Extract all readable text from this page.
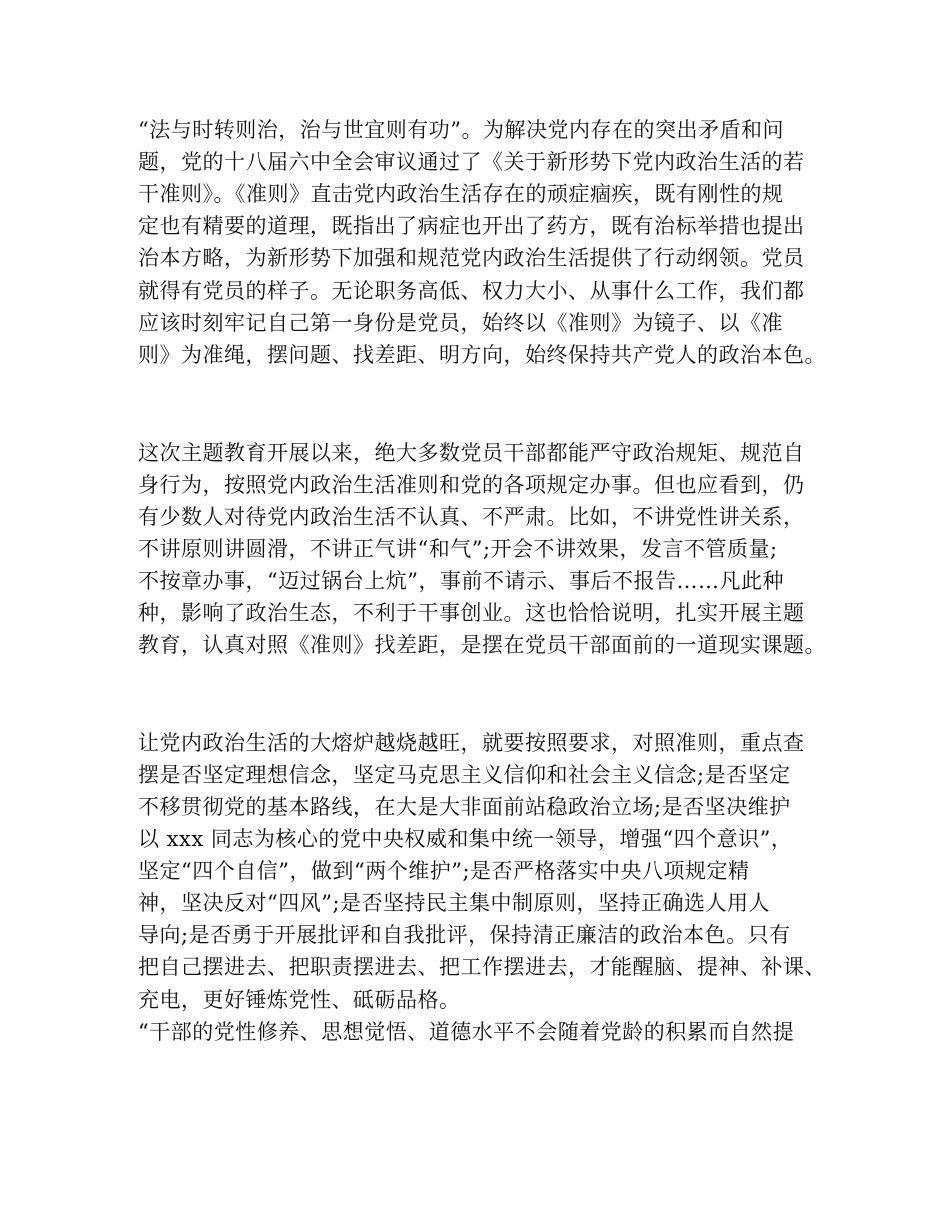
“法与时转则治，治与世宜则有功”。为解决党内存在的突出矛盾和问
题，党的十八届六中全会审议通过了《关于新形势下党内政治生活的若
干准则》。《准则》直击党内政治生活存在的顽症痼疾，既有刚性的规
定也有精要的道理，既指出了病症也开出了药方，既有治标举措也提出
治本方略，为新形势下加强和规范党内政治生活提供了行动纲领。党员
就得有党员的样子。无论职务高低、权力大小、从事什么工作，我们都
应该时刻牢记自己第一身份是党员，始终以《准则》为镜子、以《准
则》为准绳，摆问题、找差距、明方向，始终保持共产党人的政治本色。
这次主题教育开展以来，绝大多数党员干部都能严守政治规矩、规范自
身行为，按照党内政治生活准则和党的各项规定办事。但也应看到，仍
有少数人对待党内政治生活不认真、不严肃。比如，不讲党性讲关系，
不讲原则讲圆滑，不讲正气讲“和气”;开会不讲效果，发言不管质量;
不按章办事，“迈过锅台上炕”，事前不请示、事后不报告……凡此种
种，影响了政治生态，不利于干事创业。这也恰恰说明，扎实开展主题
教育，认真对照《准则》找差距，是摆在党员干部面前的一道现实课题。
让党内政治生活的大熔炉越烧越旺，就要按照要求，对照准则，重点查
摆是否坚定理想信念，坚定马克思主义信仰和社会主义信念;是否坚定
不移贯彻党的基本路线，在大是大非面前站稳政治立场;是否坚决维护
以 xxx 同志为核心的党中央权威和集中统一领导，增强“四个意识”，
坚定“四个自信”，做到“两个维护”;是否严格落实中央八项规定精
神，坚决反对“四风”;是否坚持民主集中制原则，坚持正确选人用人
导向;是否勇于开展批评和自我批评，保持清正廉洁的政治本色。只有
把自己摆进去、把职责摆进去、把工作摆进去，才能醒脑、提神、补课、
充电，更好锤炼党性、砥砺品格。
“干部的党性修养、思想觉悟、道德水平不会随着党龄的积累而自然提
